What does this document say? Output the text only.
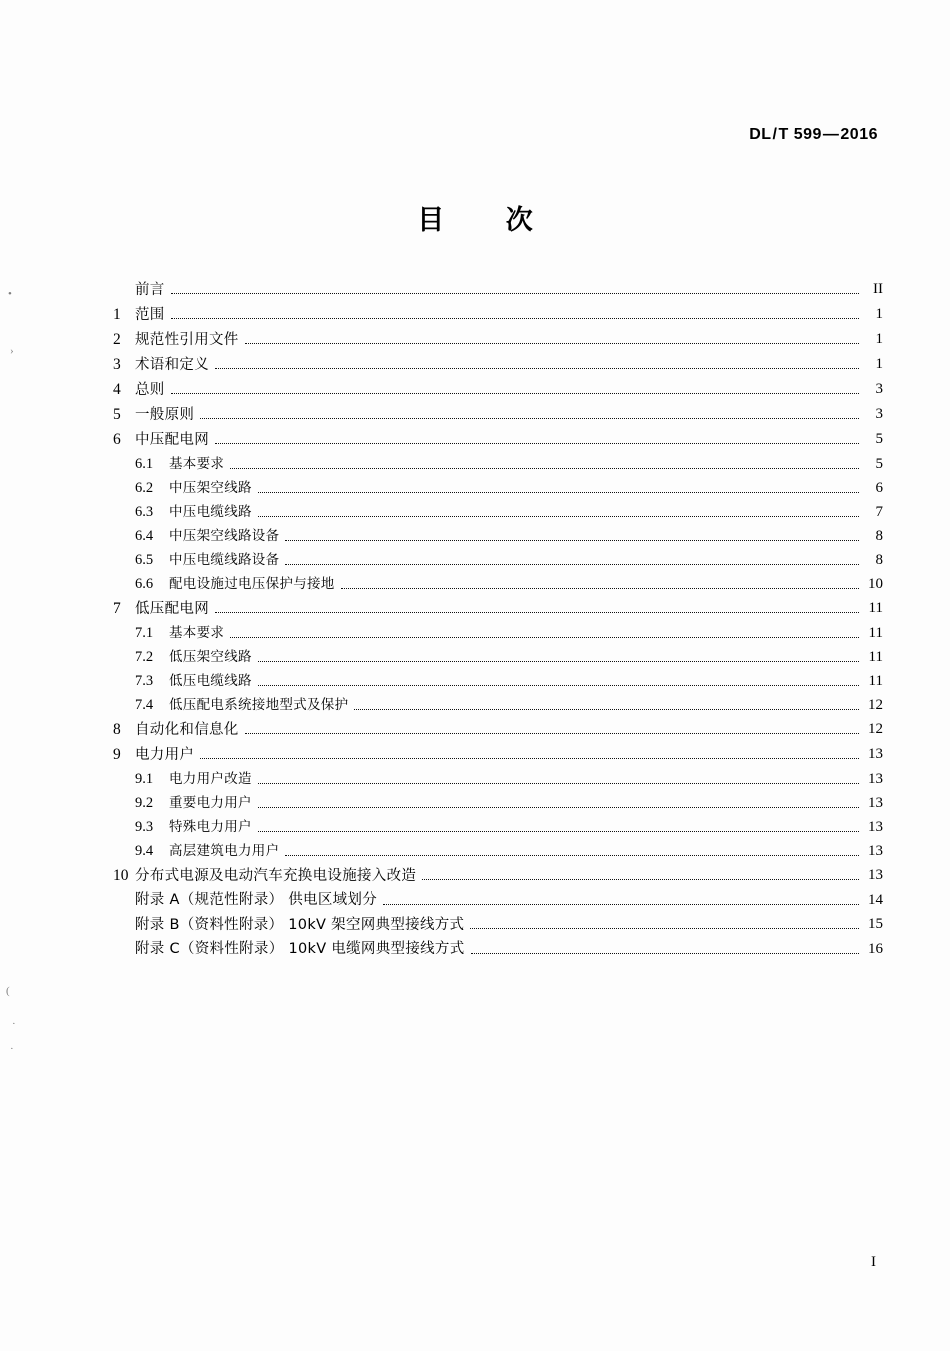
DL/T 599—2016
目 次
前言	II
1 范围	1
2 规范性引用文件	1
3 术语和定义	1
4 总则	3
5 一般原则	3
6 中压配电网	5
6.1	基本要求	5
6.2	中压架空线路	6
6.3	中压电缆线路	7
6.4	中压架空线路设备	8
6.5	中压电缆线路设备	8
6.6	配电设施过电压保护与接地	10
7 低压配电网	11
7.1	基本要求	11
7.2	低压架空线路	11
7.3	低压电缆线路	11
7.4	低压配电系统接地型式及保护	12
8 自动化和信息化	12
9 电力用户	13
9.1	电力用户改造	13
9.2	重要电力用户	13
9.3	特殊电力用户	13
9.4	高层建筑电力用户	13
10 分布式电源及电动汽车充换电设施接入改造	13
附录 A（规范性附录） 供电区域划分	14
附录 B（资料性附录） 10kV 架空网典型接线方式	15
附录 C（资料性附录） 10kV 电缆网典型接线方式	16
I
•
›
(
·
·
